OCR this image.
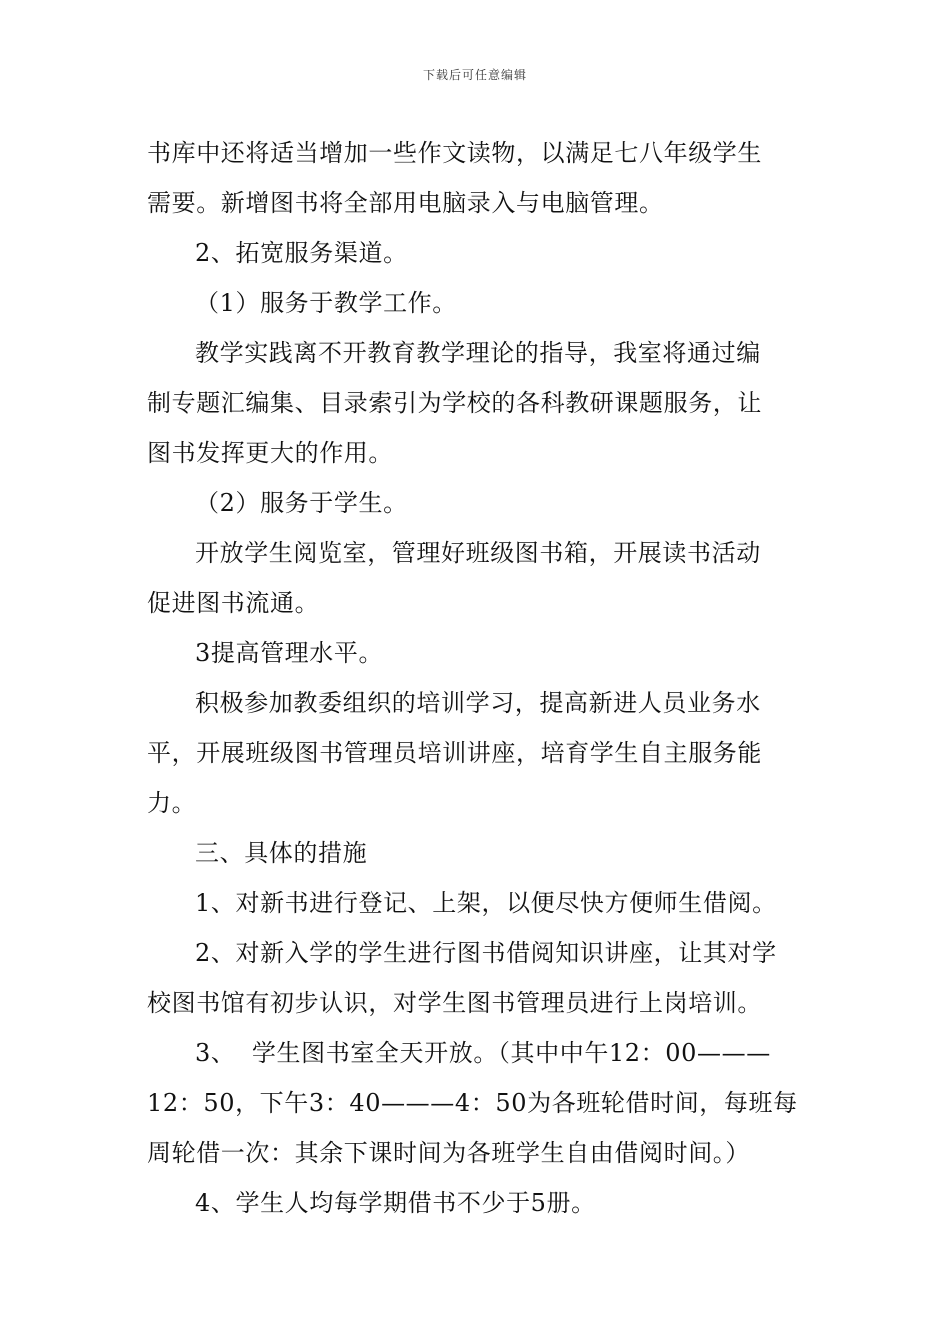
下载后可任意编辑
书库中还将适当增加一些作文读物，以满足七八年级学生
需要。新增图书将全部用电脑录入与电脑管理。
2、拓宽服务渠道。
（1）服务于教学工作。
教学实践离不开教育教学理论的指导，我室将通过编
制专题汇编集、目录索引为学校的各科教研课题服务，让
图书发挥更大的作用。
（2）服务于学生。
开放学生阅览室，管理好班级图书箱，开展读书活动
促进图书流通。
3提高管理水平。
积极参加教委组织的培训学习，提高新进人员业务水
平，开展班级图书管理员培训讲座，培育学生自主服务能
力。
三、具体的措施
1、对新书进行登记、上架，以便尽快方便师生借阅。
2、对新入学的学生进行图书借阅知识讲座，让其对学
校图书馆有初步认识，对学生图书管理员进行上岗培训。
3、  学生图书室全天开放。（其中中午12：00———
12：50，下午3：40———4：50为各班轮借时间，每班每
周轮借一次：其余下课时间为各班学生自由借阅时间。）
4、学生人均每学期借书不少于5册。
